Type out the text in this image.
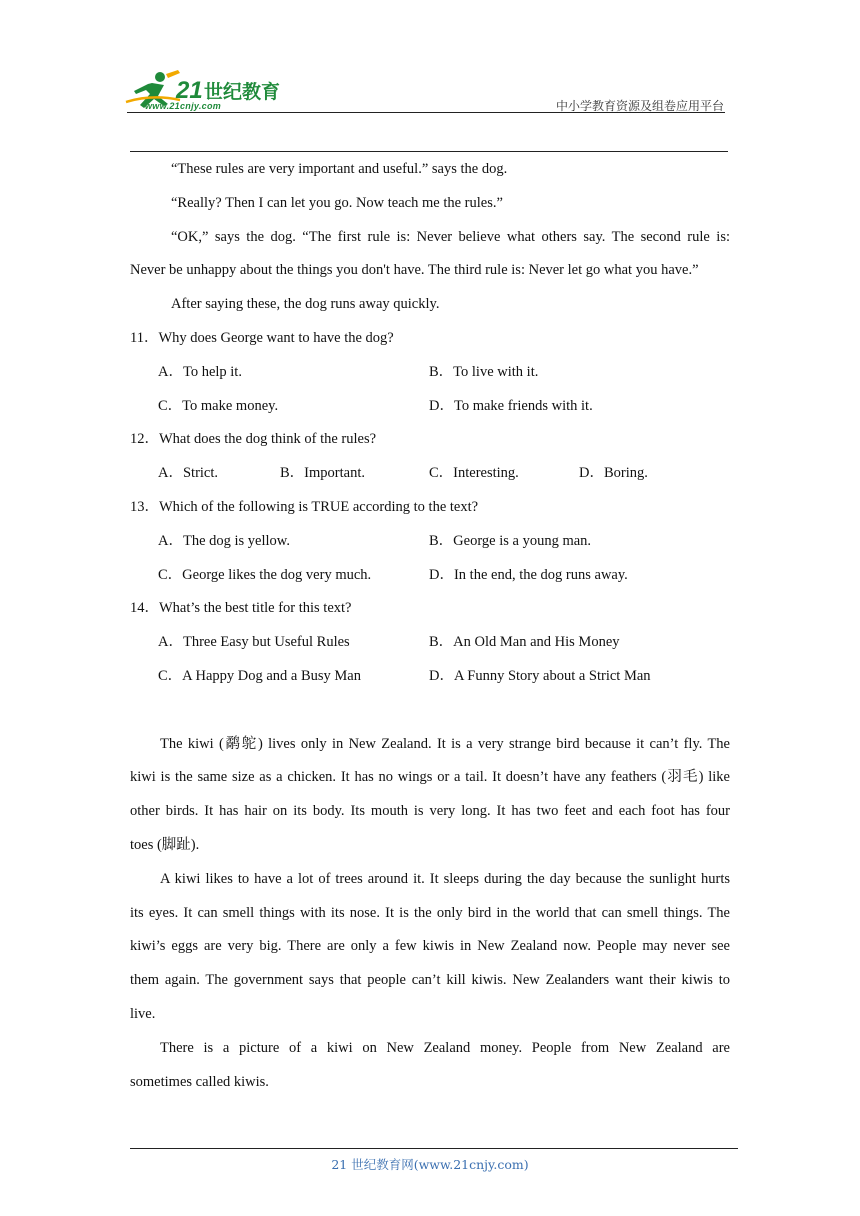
21 世纪教育
www.21cnjy.com	中小学教育资源及组卷应用平台
“These rules are very important and useful.” says the dog.
“Really? Then I can let you go. Now teach me the rules.”
“OK,” says the dog. “The first rule is: Never believe what others say. The second rule is:
Never be unhappy about the things you don't have. The third rule is: Never let go what you have.”
After saying these, the dog runs away quickly.
11．Why does George want to have the dog?
A．To help it.	B．To live with it.
C．To make money.	D．To make friends with it.
12．What does the dog think of the rules?
A．Strict.	B．Important.	C．Interesting.	D．Boring.
13．Which of the following is TRUE according to the text?
A．The dog is yellow.	B．George is a young man.
C．George likes the dog very much.	D．In the end, the dog runs away.
14．What’s the best title for this text?
A．Three Easy but Useful Rules	B．An Old Man and His Money
C．A Happy Dog and a Busy Man	D．A Funny Story about a Strict Man
The kiwi (鹬鸵) lives only in New Zealand. It is a very strange bird because it can’t fly. The
kiwi is the same size as a chicken. It has no wings or a tail. It doesn’t have any feathers (羽毛) like
other birds. It has hair on its body. Its mouth is very long. It has two feet and each foot has four
toes (脚趾).
A kiwi likes to have a lot of trees around it. It sleeps during the day because the sunlight hurts
its eyes. It can smell things with its nose. It is the only bird in the world that can smell things. The
kiwi’s eggs are very big. There are only a few kiwis in New Zealand now. People may never see
them again. The government says that people can’t kill kiwis. New Zealanders want their kiwis to
live.
There is a picture of a kiwi on New Zealand money. People from New Zealand are
sometimes called kiwis.
21 世纪教育网(www.21cnjy.com)
